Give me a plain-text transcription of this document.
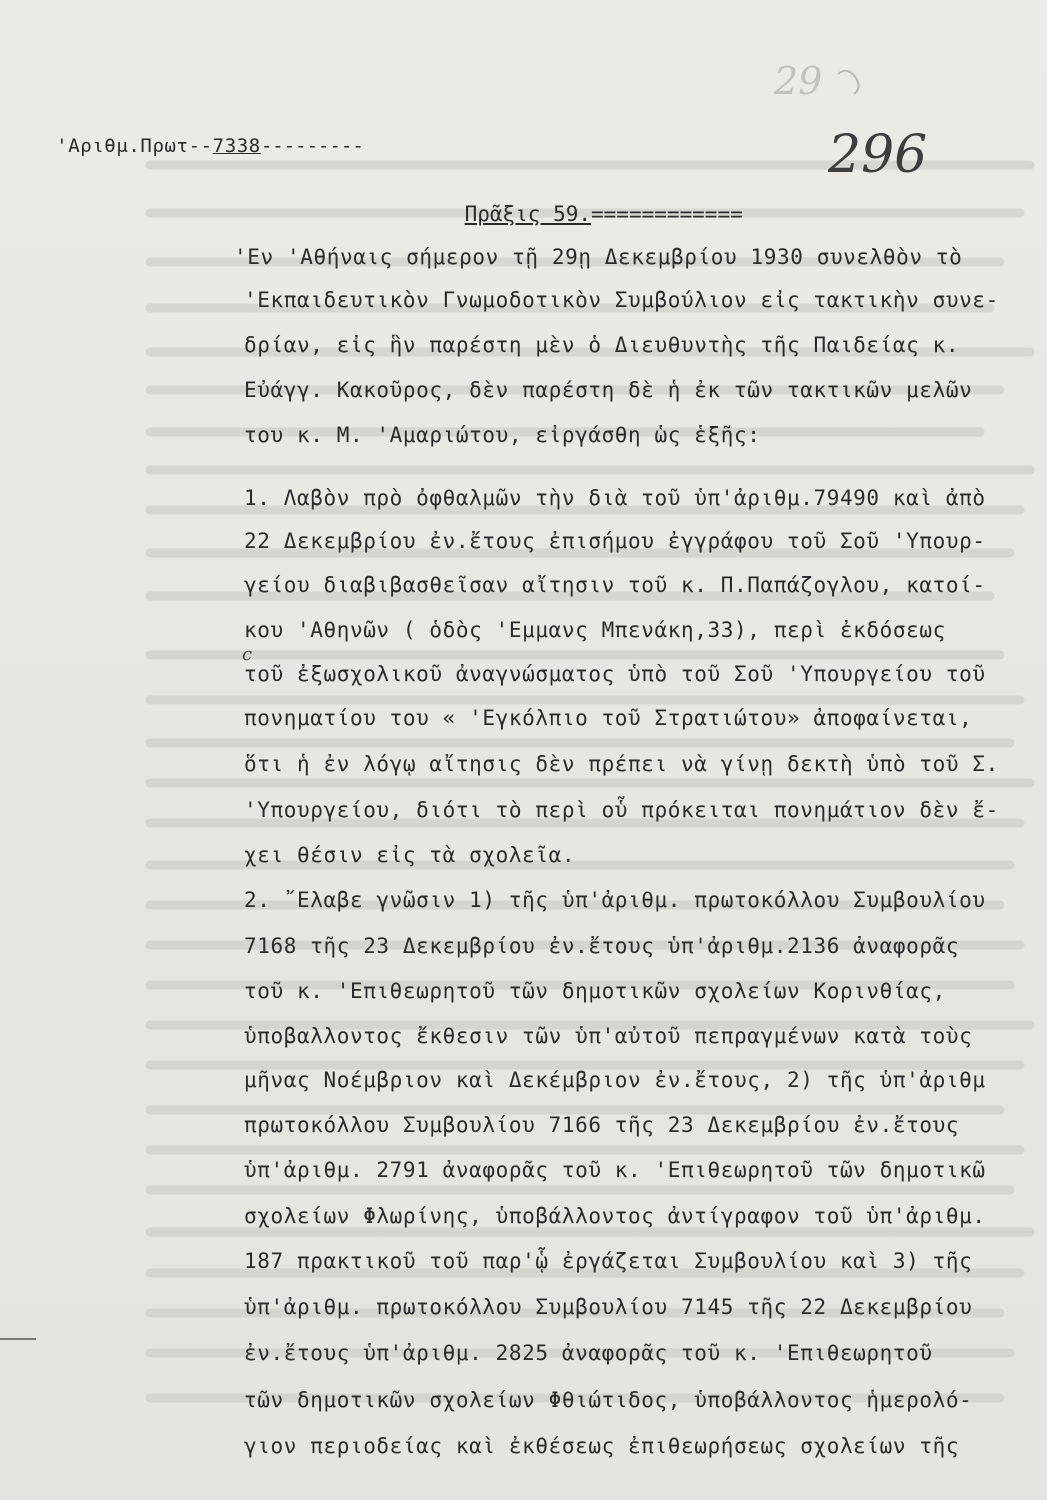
29
296
c

'Αριθμ.Πρωτ--7338---------

Πρᾶξις 59.============

'Εν 'Αθήναις σήμερον τῇ 29ῃ Δεκεμβρίου 1930 συνελθὸν τὸ
'Εκπαιδευτικὸν Γνωμοδοτικὸν Συμβούλιον εἰς τακτικὴν συνε-
δρίαν, εἰς ἣν παρέστη μὲν ὁ Διευθυντὴς τῆς Παιδείας κ.
Εὐάγγ. Κακοῦρος, δὲν παρέστη δὲ ἡ ἐκ τῶν τακτικῶν μελῶν
του κ. Μ. 'Αμαριώτου, εἰργάσθη ὡς ἑξῆς:
1. Λαβὸν πρὸ ὀφθαλμῶν τὴν διὰ τοῦ ὑπ'ἀριθμ.79490 καὶ ἀπὸ
22 Δεκεμβρίου ἐν.ἔτους ἐπισήμου ἐγγράφου τοῦ Σοῦ 'Υπουρ-
γείου διαβιβασθεῖσαν αἴτησιν τοῦ κ. Π.Παπάζογλου, κατοί-
κου 'Αθηνῶν ( ὁδὸς 'Εμμανς Μπενάκη,33), περὶ ἐκδόσεως
τοῦ ἐξωσχολικοῦ ἀναγνώσματος ὑπὸ τοῦ Σοῦ 'Υπουργείου τοῦ
πονηματίου του « 'Εγκόλπιο τοῦ Στρατιώτου» ἀποφαίνεται,
ὅτι ἡ ἐν λόγῳ αἴτησις δὲν πρέπει νὰ γίνῃ δεκτὴ ὑπὸ τοῦ Σ.
'Υπουργείου, διότι τὸ περὶ οὗ πρόκειται πονημάτιον δὲν ἔ-
χει θέσιν εἰς τὰ σχολεῖα.
2. ῎Ελαβε γνῶσιν 1) τῆς ὑπ'ἀριθμ. πρωτοκόλλου Συμβουλίου
7168 τῆς 23 Δεκεμβρίου ἐν.ἔτους ὑπ'ἀριθμ.2136 ἀναφορᾶς
τοῦ κ. 'Επιθεωρητοῦ τῶν δημοτικῶν σχολείων Κορινθίας,
ὑποβαλλοντος ἔκθεσιν τῶν ὑπ'αὐτοῦ πεπραγμένων κατὰ τοὺς
μῆνας Νοέμβριον καὶ Δεκέμβριον ἐν.ἔτους, 2) τῆς ὑπ'ἀριθμ
πρωτοκόλλου Συμβουλίου 7166 τῆς 23 Δεκεμβρίου ἐν.ἔτους
ὑπ'ἀριθμ. 2791 ἀναφορᾶς τοῦ κ. 'Επιθεωρητοῦ τῶν δημοτικῶ
σχολείων Φλωρίνης, ὑποβάλλοντος ἀντίγραφον τοῦ ὑπ'ἀριθμ.
187 πρακτικοῦ τοῦ παρ'ᾧ ἐργάζεται Συμβουλίου καὶ 3) τῆς
ὑπ'ἀριθμ. πρωτοκόλλου Συμβουλίου 7145 τῆς 22 Δεκεμβρίου
ἐν.ἔτους ὑπ'ἀριθμ. 2825 ἀναφορᾶς τοῦ κ. 'Επιθεωρητοῦ
τῶν δημοτικῶν σχολείων Φθιώτιδος, ὑποβάλλοντος ἡμερολό-
γιον περιοδείας καὶ ἐκθέσεως ἐπιθεωρήσεως σχολείων τῆς
